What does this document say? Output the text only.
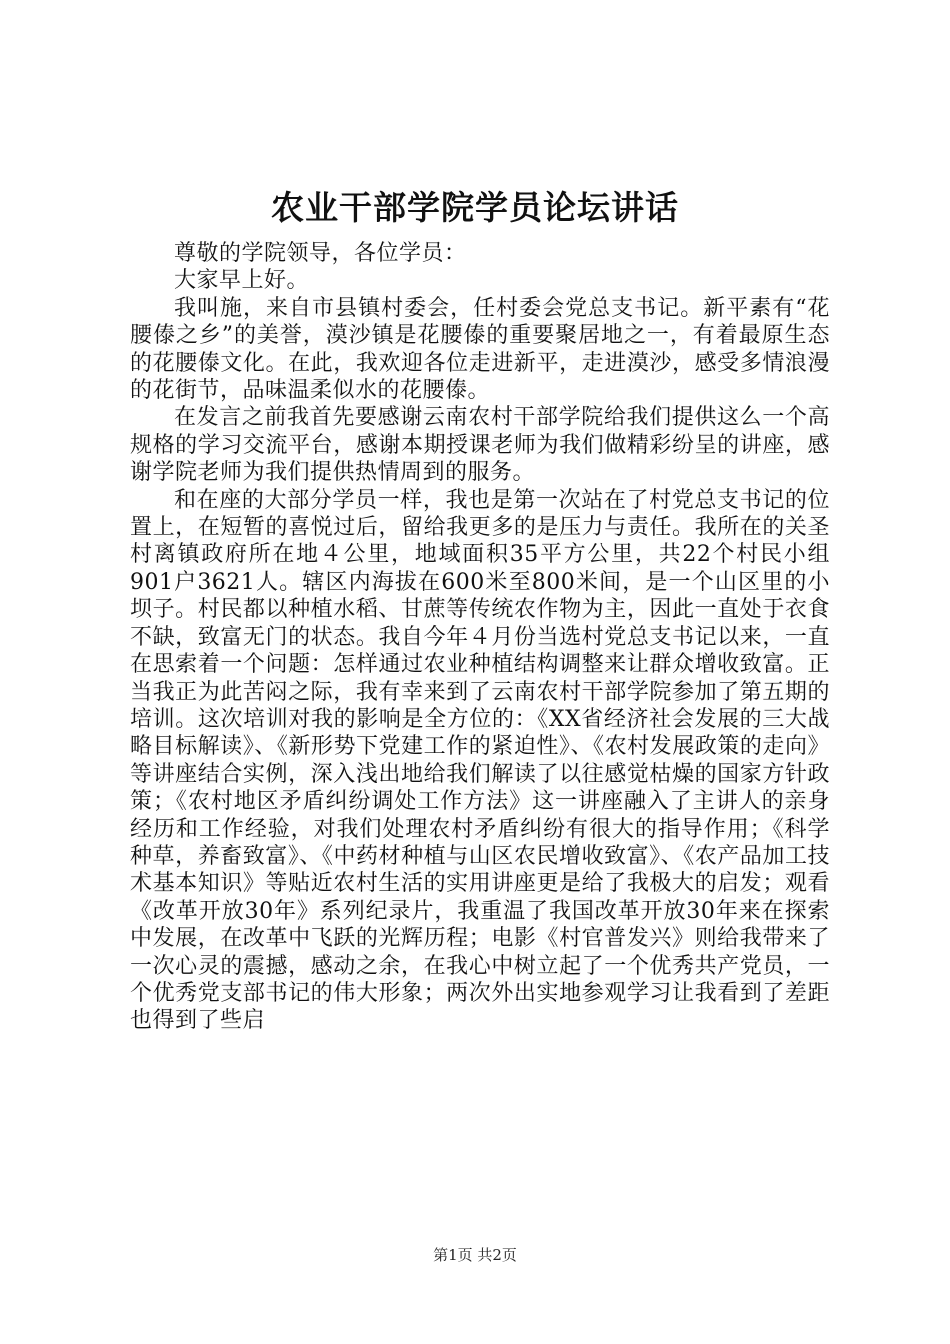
农业干部学院学员论坛讲话

尊敬的学院领导，各位学员：

大家早上好。

我叫施，来自市县镇村委会，任村委会党总支书记。新平素有“花腰傣之乡”的美誉，漠沙镇是花腰傣的重要聚居地之一，有着最原生态的花腰傣文化。在此，我欢迎各位走进新平，走进漠沙，感受多情浪漫的花街节，品味温柔似水的花腰傣。

在发言之前我首先要感谢云南农村干部学院给我们提供这么一个高规格的学习交流平台，感谢本期授课老师为我们做精彩纷呈的讲座，感谢学院老师为我们提供热情周到的服务。

和在座的大部分学员一样，我也是第一次站在了村党总支书记的位置上，在短暂的喜悦过后，留给我更多的是压力与责任。我所在的关圣村离镇政府所在地４公里，地域面积35平方公里，共22个村民小组901户3621人。辖区内海拔在600米至800米间，是一个山区里的小坝子。村民都以种植水稻、甘蔗等传统农作物为主，因此一直处于衣食不缺，致富无门的状态。我自今年４月份当选村党总支书记以来，一直在思索着一个问题：怎样通过农业种植结构调整来让群众增收致富。正当我正为此苦闷之际，我有幸来到了云南农村干部学院参加了第五期的培训。这次培训对我的影响是全方位的：《XX省经济社会发展的三大战略目标解读》、《新形势下党建工作的紧迫性》、《农村发展政策的走向》等讲座结合实例，深入浅出地给我们解读了以往感觉枯燥的国家方针政策；《农村地区矛盾纠纷调处工作方法》这一讲座融入了主讲人的亲身经历和工作经验，对我们处理农村矛盾纠纷有很大的指导作用；《科学种草，养畜致富》、《中药材种植与山区农民增收致富》、《农产品加工技术基本知识》等贴近农村生活的实用讲座更是给了我极大的启发；观看《改革开放30年》系列纪录片，我重温了我国改革开放30年来在探索中发展，在改革中飞跃的光辉历程；电影《村官普发兴》则给我带来了一次心灵的震撼，感动之余，在我心中树立起了一个优秀共产党员，一个优秀党支部书记的伟大形象；两次外出实地参观学习让我看到了差距也得到了些启

第1页 共2页
